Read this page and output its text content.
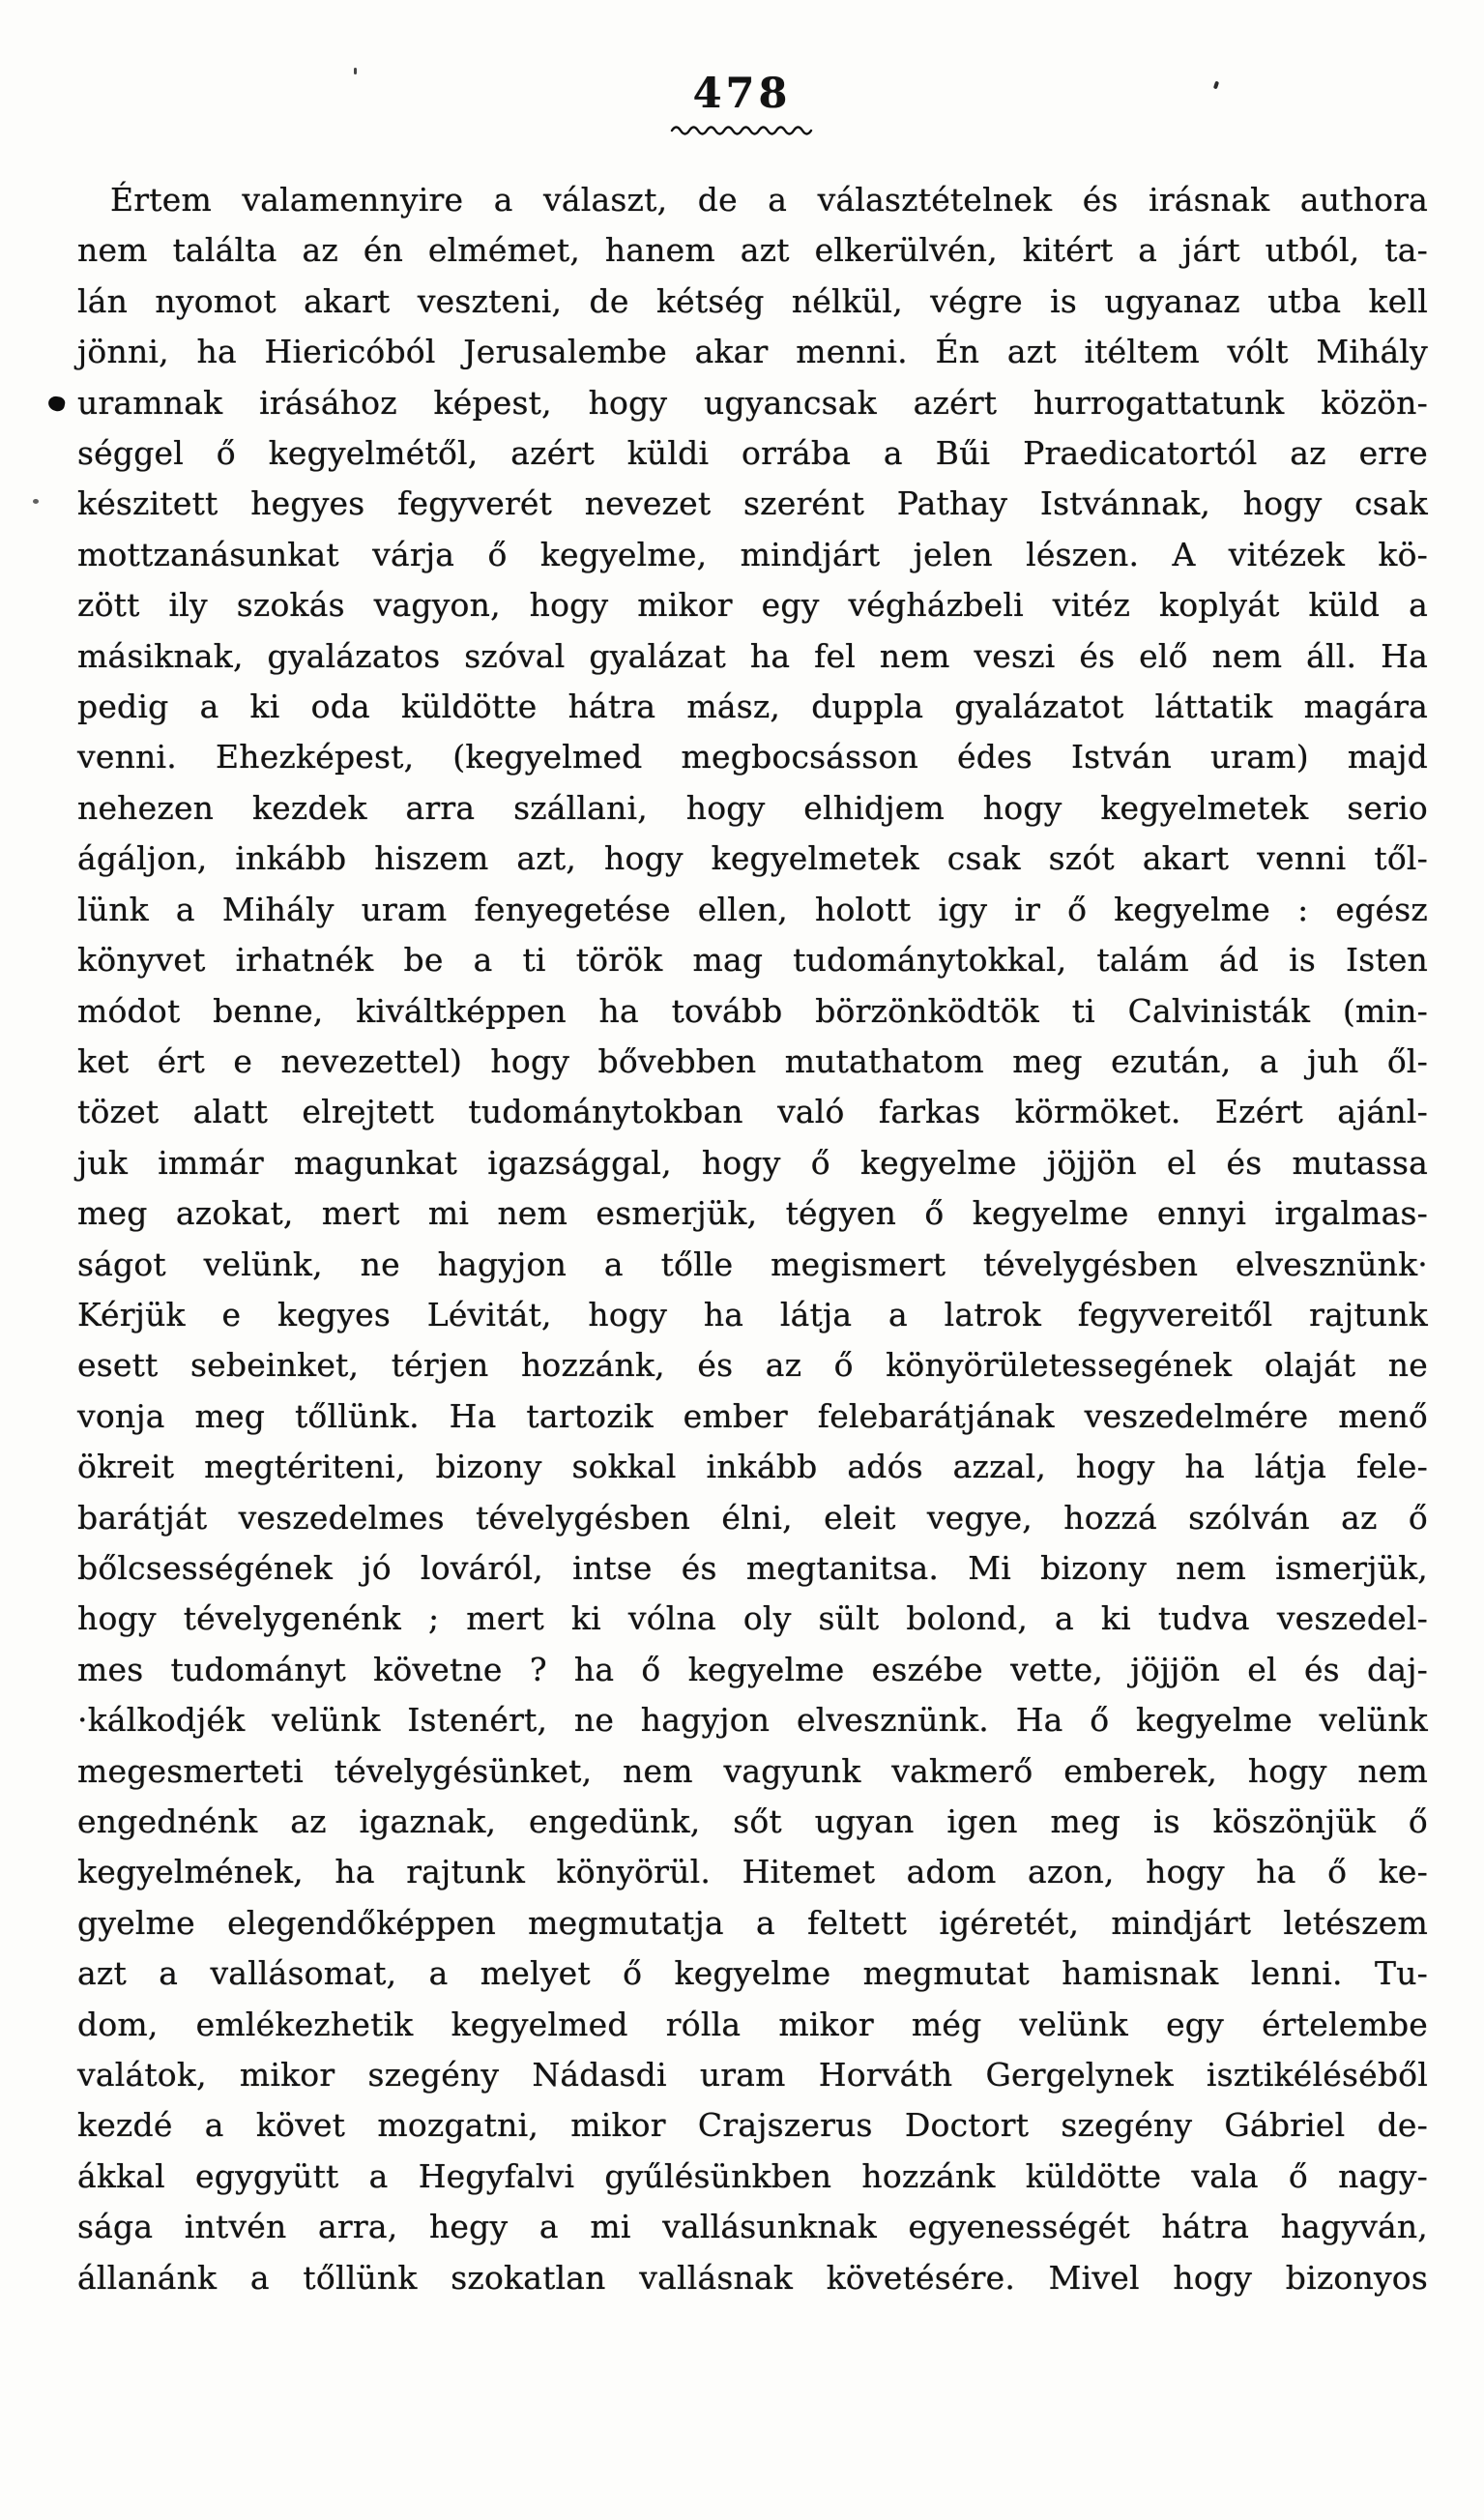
478
Értem valamennyire a választ, de a választételnek és irásnak authora
nem találta az én elmémet, hanem azt elkerülvén, kitért a járt utból, ta-
lán nyomot akart veszteni, de kétség nélkül, végre is ugyanaz utba kell
jönni, ha Hiericóból Jerusalembe akar menni. Én azt itéltem vólt Mihály
uramnak irásához képest, hogy ugyancsak azért hurrogattatunk közön-
séggel ő kegyelmétől, azért küldi orrába a Bűi Praedicatortól az erre
készitett hegyes fegyverét nevezet szerént Pathay Istvánnak, hogy csak
mottzanásunkat várja ő kegyelme, mindjárt jelen lészen. A vitézek kö-
zött ily szokás vagyon, hogy mikor egy végházbeli vitéz koplyát küld a
másiknak, gyalázatos szóval gyalázat ha fel nem veszi és elő nem áll. Ha
pedig a ki oda küldötte hátra mász, duppla gyalázatot láttatik magára
venni. Ehezképest, (kegyelmed megbocsásson édes István uram) majd
nehezen kezdek arra szállani, hogy elhidjem hogy kegyelmetek serio
ágáljon, inkább hiszem azt, hogy kegyelmetek csak szót akart venni től-
lünk a Mihály uram fenyegetése ellen, holott igy ir ő kegyelme : egész
könyvet irhatnék be a ti török mag tudománytokkal, talám ád is Isten
módot benne, kiváltképpen ha tovább börzönködtök ti Calvinisták (min-
ket ért e nevezettel) hogy bővebben mutathatom meg ezután, a juh ől-
tözet alatt elrejtett tudománytokban való farkas körmöket. Ezért ajánl-
juk immár magunkat igazsággal, hogy ő kegyelme jöjjön el és mutassa
meg azokat, mert mi nem esmerjük, tégyen ő kegyelme ennyi irgalmas-
ságot velünk, ne hagyjon a tőlle megismert tévelygésben elvesznünk·
Kérjük e kegyes Lévitát, hogy ha látja a latrok fegyvereitől rajtunk
esett sebeinket, térjen hozzánk, és az ő könyörületessegének olaját ne
vonja meg tőllünk. Ha tartozik ember felebarátjának veszedelmére menő
ökreit megtériteni, bizony sokkal inkább adós azzal, hogy ha látja fele-
barátját veszedelmes tévelygésben élni, eleit vegye, hozzá szólván az ő
bőlcsességének jó lováról, intse és megtanitsa. Mi bizony nem ismerjük,
hogy tévelygenénk ; mert ki vólna oly sült bolond, a ki tudva veszedel-
mes tudományt követne ? ha ő kegyelme eszébe vette, jöjjön el és daj-
·kálkodjék velünk Istenért, ne hagyjon elvesznünk. Ha ő kegyelme velünk
megesmerteti tévelygésünket, nem vagyunk vakmerő emberek, hogy nem
engednénk az igaznak, engedünk, sőt ugyan igen meg is köszönjük ő
kegyelmének, ha rajtunk könyörül. Hitemet adom azon, hogy ha ő ke-
gyelme elegendőképpen megmutatja a feltett igéretét, mindjárt letészem
azt a vallásomat, a melyet ő kegyelme megmutat hamisnak lenni. Tu-
dom, emlékezhetik kegyelmed rólla mikor még velünk egy értelembe
valátok, mikor szegény Nádasdi uram Horváth Gergelynek isztikéléséből
kezdé a követ mozgatni, mikor Crajszerus Doctort szegény Gábriel de-
ákkal egygyütt a Hegyfalvi gyűlésünkben hozzánk küldötte vala ő nagy-
sága intvén arra, hegy a mi vallásunknak egyenességét hátra hagyván,
állanánk a tőllünk szokatlan vallásnak követésére. Mivel hogy bizonyos
